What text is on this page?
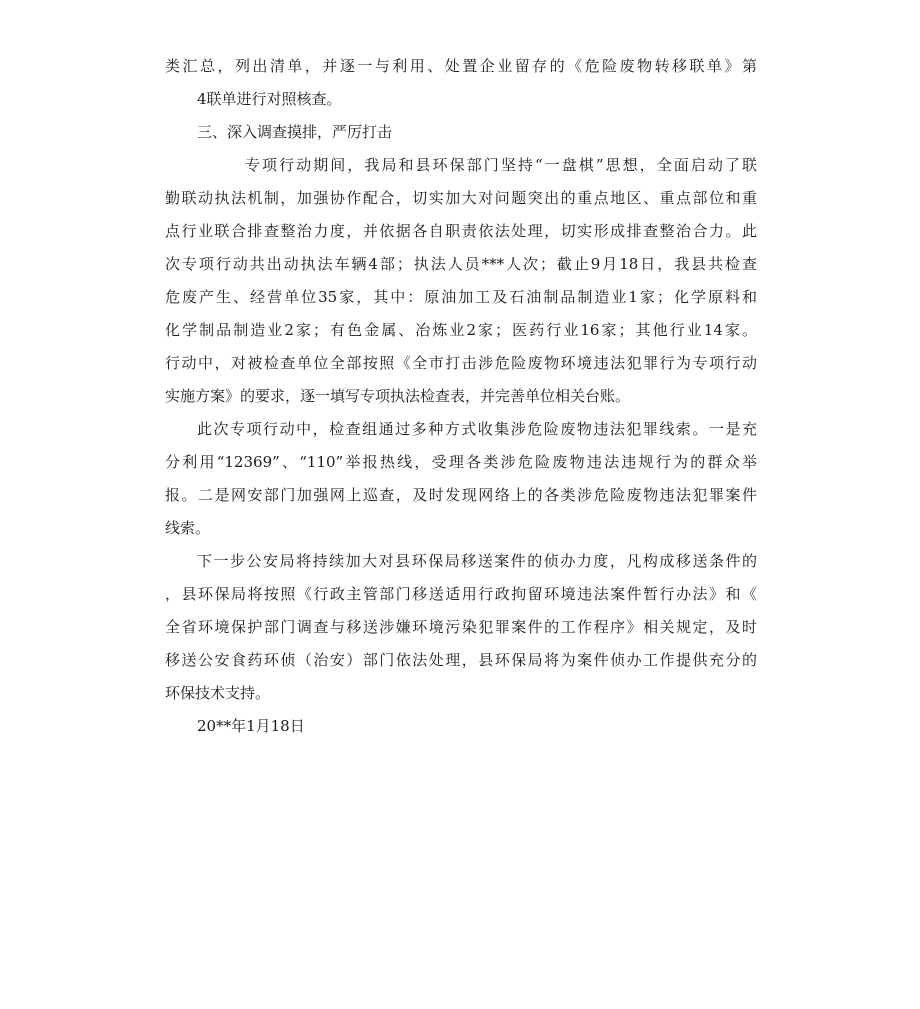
类汇总，列出清单，并逐一与利用、处置企业留存的《危险废物转移联单》第

4联单进行对照核查。

三、深入调查摸排，严厉打击

专项行动期间，我局和县环保部门坚持“一盘棋”思想，全面启动了联

勤联动执法机制，加强协作配合，切实加大对问题突出的重点地区、重点部位和重

点行业联合排查整治力度，并依据各自职责依法处理，切实形成排查整治合力。此

次专项行动共出动执法车辆4部；执法人员***人次；截止9月18日，我县共检查

危废产生、经营单位35家，其中：原油加工及石油制品制造业1家；化学原料和

化学制品制造业2家；有色金属、冶炼业2家；医药行业16家；其他行业14家。

行动中，对被检查单位全部按照《全市打击涉危险废物环境违法犯罪行为专项行动

实施方案》的要求，逐一填写专项执法检查表，并完善单位相关台账。

此次专项行动中，检查组通过多种方式收集涉危险废物违法犯罪线索。一是充

分利用“12369”、“110”举报热线，受理各类涉危险废物违法违规行为的群众举

报。二是网安部门加强网上巡查，及时发现网络上的各类涉危险废物违法犯罪案件

线索。

下一步公安局将持续加大对县环保局移送案件的侦办力度，凡构成移送条件的

，县环保局将按照《行政主管部门移送适用行政拘留环境违法案件暂行办法》和《

全省环境保护部门调查与移送涉嫌环境污染犯罪案件的工作程序》相关规定，及时

移送公安食药环侦（治安）部门依法处理，县环保局将为案件侦办工作提供充分的

环保技术支持。

20**年1月18日
